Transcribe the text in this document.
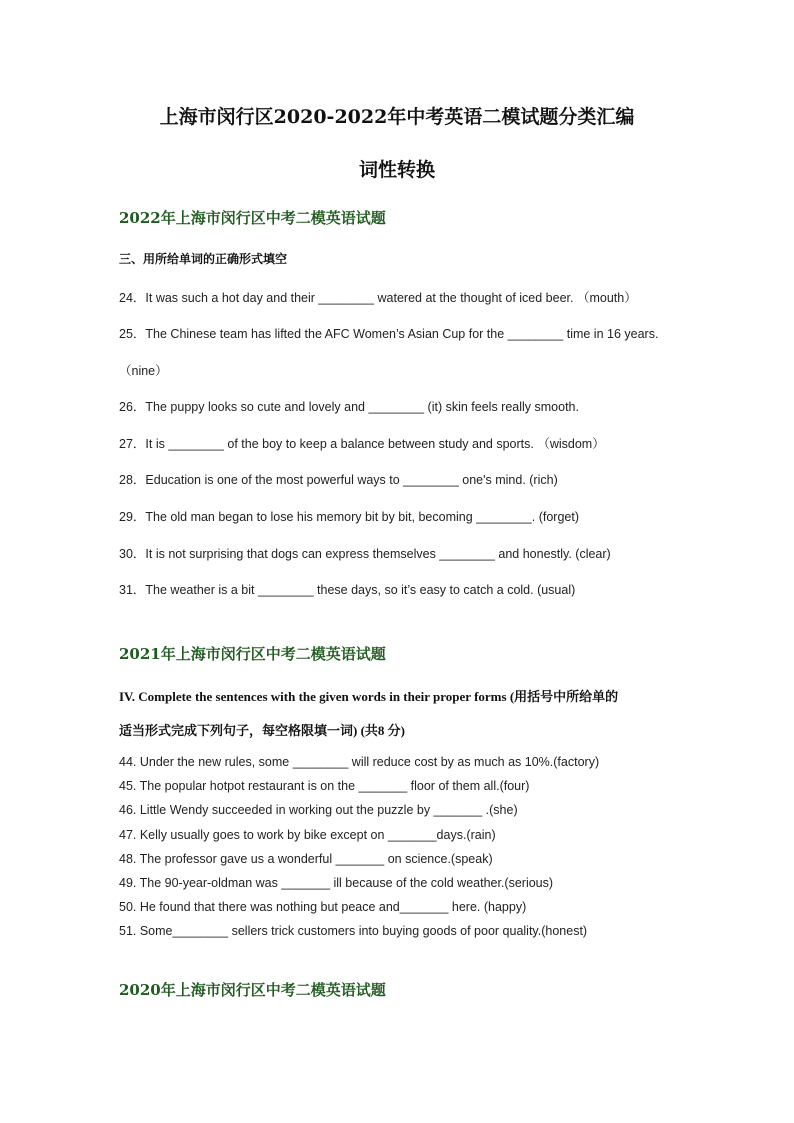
上海市闵行区2020-2022年中考英语二模试题分类汇编
词性转换
2022年上海市闵行区中考二模英语试题
三、用所给单词的正确形式填空
24．It was such a hot day and their ________ watered at the thought of iced beer. （mouth）
25．The Chinese team has lifted the AFC Women’s Asian Cup for the ________ time in 16 years.
（nine）
26．The puppy looks so cute and lovely and ________ (it) skin feels really smooth.
27．It is ________ of the boy to keep a balance between study and sports. （wisdom）
28．Education is one of the most powerful ways to ________ one's mind. (rich)
29．The old man began to lose his memory bit by bit, becoming ________. (forget)
30．It is not surprising that dogs can express themselves ________ and honestly. (clear)
31．The weather is a bit ________ these days, so it’s easy to catch a cold. (usual)
2021年上海市闵行区中考二模英语试题
IV. Complete the sentences with the given words in their proper forms (用括号中所给单的
适当形式完成下列句子，每空格限填一词) (共8 分)
44. Under the new rules, some ________ will reduce cost by as much as 10%.(factory)
45. The popular hotpot restaurant is on the _______ floor of them all.(four)
46. Little Wendy succeeded in working out the puzzle by _______ .(she)
47. Kelly usually goes to work by bike except on _______days.(rain)
48. The professor gave us a wonderful _______ on science.(speak)
49. The 90-year-oldman was _______ ill because of the cold weather.(serious)
50. He found that there was nothing but peace and_______ here. (happy)
51. Some________ sellers trick customers into buying goods of poor quality.(honest)
2020年上海市闵行区中考二模英语试题
